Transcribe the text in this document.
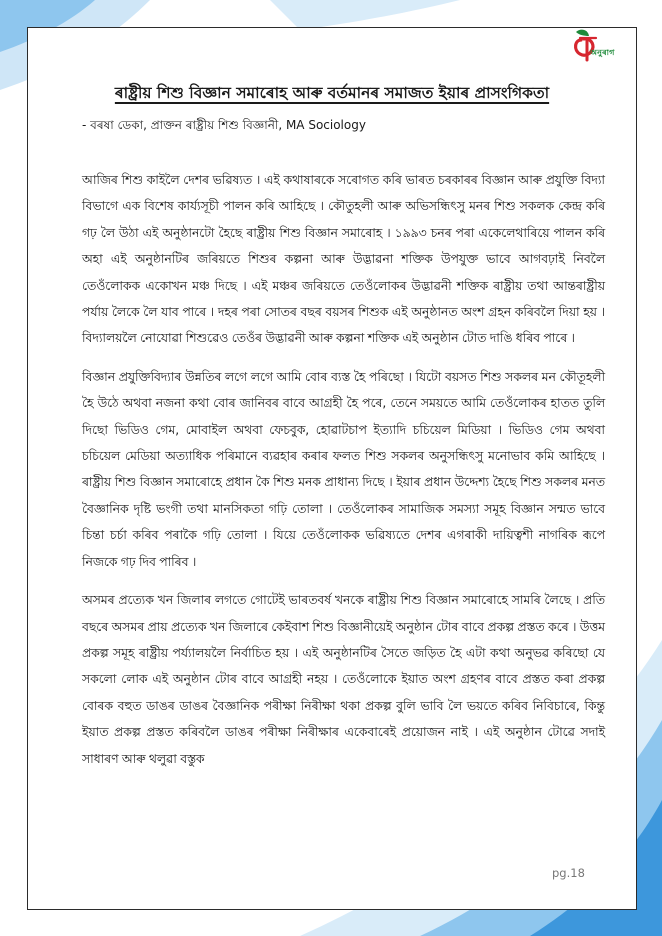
অনুৰাগ
ৰাষ্ট্ৰীয় শিশু বিজ্ঞান সমাৰোহ আৰু বৰ্তমানৰ সমাজত ইয়াৰ প্ৰাসংগিকতা

- বৰষা ডেকা, প্ৰাক্তন ৰাষ্ট্ৰীয় শিশু বিজ্ঞানী, MA Sociology

আজিৰ শিশু কাইলৈ দেশৰ ভৱিষ্যত । এই কথাষাৰকে সৰোগত কৰি ভাৰত চৰকাৰৰ বিজ্ঞান আৰু প্ৰযুক্তি বিদ্যা বিভাগে এক বিশেষ কাৰ্য্যসূচী পালন কৰি আহিছে । কৌতুহলী আৰু অভিসন্ধিৎসু মনৰ শিশু সকলক কেন্দ্ৰ কৰি গঢ় লৈ উঠা এই অনুষ্ঠানটো হৈছে ৰাষ্ট্ৰীয় শিশু বিজ্ঞান সমাৰোহ । ১৯৯৩ চনৰ পৰা একেলেথাৰিয়ে পালন কৰি অহা এই অনুষ্ঠানটিৰ জৰিয়তে শিশুৰ কল্পনা আৰু উদ্ভাৱনা শক্তিক উপযুক্ত ভাবে আগবঢ়াই নিবলৈ তেওঁলোকক একোখন মঞ্চ দিছে । এই মঞ্চৰ জৰিয়তে তেওঁলোকৰ উদ্ভাৱনী শক্তিক ৰাষ্ট্ৰীয় তথা আন্তৰাষ্ট্ৰীয় পৰ্যায় লৈকে লৈ যাব পাৰে । দহৰ পৰা সোতৰ বছৰ বয়সৰ শিশুক এই অনুষ্ঠানত অংশ গ্ৰহন কৰিবলৈ দিয়া হয় । বিদ্যালয়লৈ নোযোৱা শিশুৱেও তেওঁৰ উদ্ভাৱনী আৰু কল্পনা শক্তিক এই অনুষ্ঠান টোত দাঙি ধৰিব পাৰে ।

বিজ্ঞান প্ৰযুক্তিবিদ্যাৰ উন্নতিৰ লগে লগে আমি বোৰ ব্যস্ত হৈ পৰিছো । যিটো বয়সত শিশু সকলৰ মন কৌতূহলী হৈ উঠে অথবা নজনা কথা বোৰ জানিবৰ বাবে আগ্ৰহী হৈ পৰে, তেনে সময়তে আমি তেওঁলোকৰ হাতত তুলি দিছো ভিডিও গেম, মোবাইল অথবা ফেচবুক, হোৱাটচাপ ইত্যাদি চচিয়েল মিডিয়া । ভিডিও গেম অথবা চচিয়েল মেডিয়া অত্যাধিক পৰিমানে ব্যৱহাৰ কৰাৰ ফলত শিশু সকলৰ অনুসন্ধিৎসু মনোভাব কমি আহিছে । ৰাষ্ট্ৰীয় শিশু বিজ্ঞান সমাৰোহে প্ৰধান কৈ শিশু মনক প্ৰাধান্য দিছে । ইয়াৰ প্ৰধান উদ্দেশ্য হৈছে শিশু সকলৰ মনত বৈজ্ঞানিক দৃষ্টি ভংগী তথা মানসিকতা গঢ়ি তোলা । তেওঁলোকৰ সামাজিক সমস্যা সমূহ বিজ্ঞান সন্মত ভাবে চিন্তা চৰ্চা কৰিব পৰাকৈ গঢ়ি তোলা । যিয়ে তেওঁলোকক ভৱিষ্যতে দেশৰ এগৰাকী দায়িত্বশী নাগৰিক ৰূপে নিজকে গঢ় দিব পাৰিব ।

অসমৰ প্ৰত্যেক খন জিলাৰ লগতে গোটেই ভাৰতবৰ্ষ খনকে ৰাষ্ট্ৰীয় শিশু বিজ্ঞান সমাৰোহে সামৰি লৈছে । প্ৰতি বছৰে অসমৰ প্ৰায় প্ৰত্যেক খন জিলাৰে কেইবাশ শিশু বিজ্ঞানীয়েই অনুষ্ঠান টোৰ বাবে প্ৰকল্প প্ৰস্তত কৰে । উত্তম প্ৰকল্প সমূহ ৰাষ্ট্ৰীয় পৰ্য্যালয়লৈ নিৰ্বাচিত হয় । এই অনুষ্ঠানটিৰ সৈতে জড়িত হৈ এটা কথা অনুভৱ কৰিছো যে সকলো লোক এই অনুষ্ঠান টোৰ বাবে আগ্ৰহী নহয় । তেওঁলোকে ইয়াত অংশ গ্ৰহণৰ বাবে প্ৰস্তত কৰা প্ৰকল্প বোৰক বহুত ডাঙৰ ডাঙৰ বৈজ্ঞানিক পৰীক্ষা নিৰীক্ষা থকা প্ৰকল্প বুলি ভাবি লৈ ভয়তে কৰিব নিবিচাৰে, কিন্তু ইয়াত প্ৰকল্প প্ৰস্তত কৰিবলৈ ডাঙৰ পৰীক্ষা নিৰীক্ষাৰ একেবাৰেই প্ৰয়োজন নাই । এই অনুষ্ঠান টোৱে সদাই সাধাৰণ আৰু থলুৱা বস্তুক

pg.18
